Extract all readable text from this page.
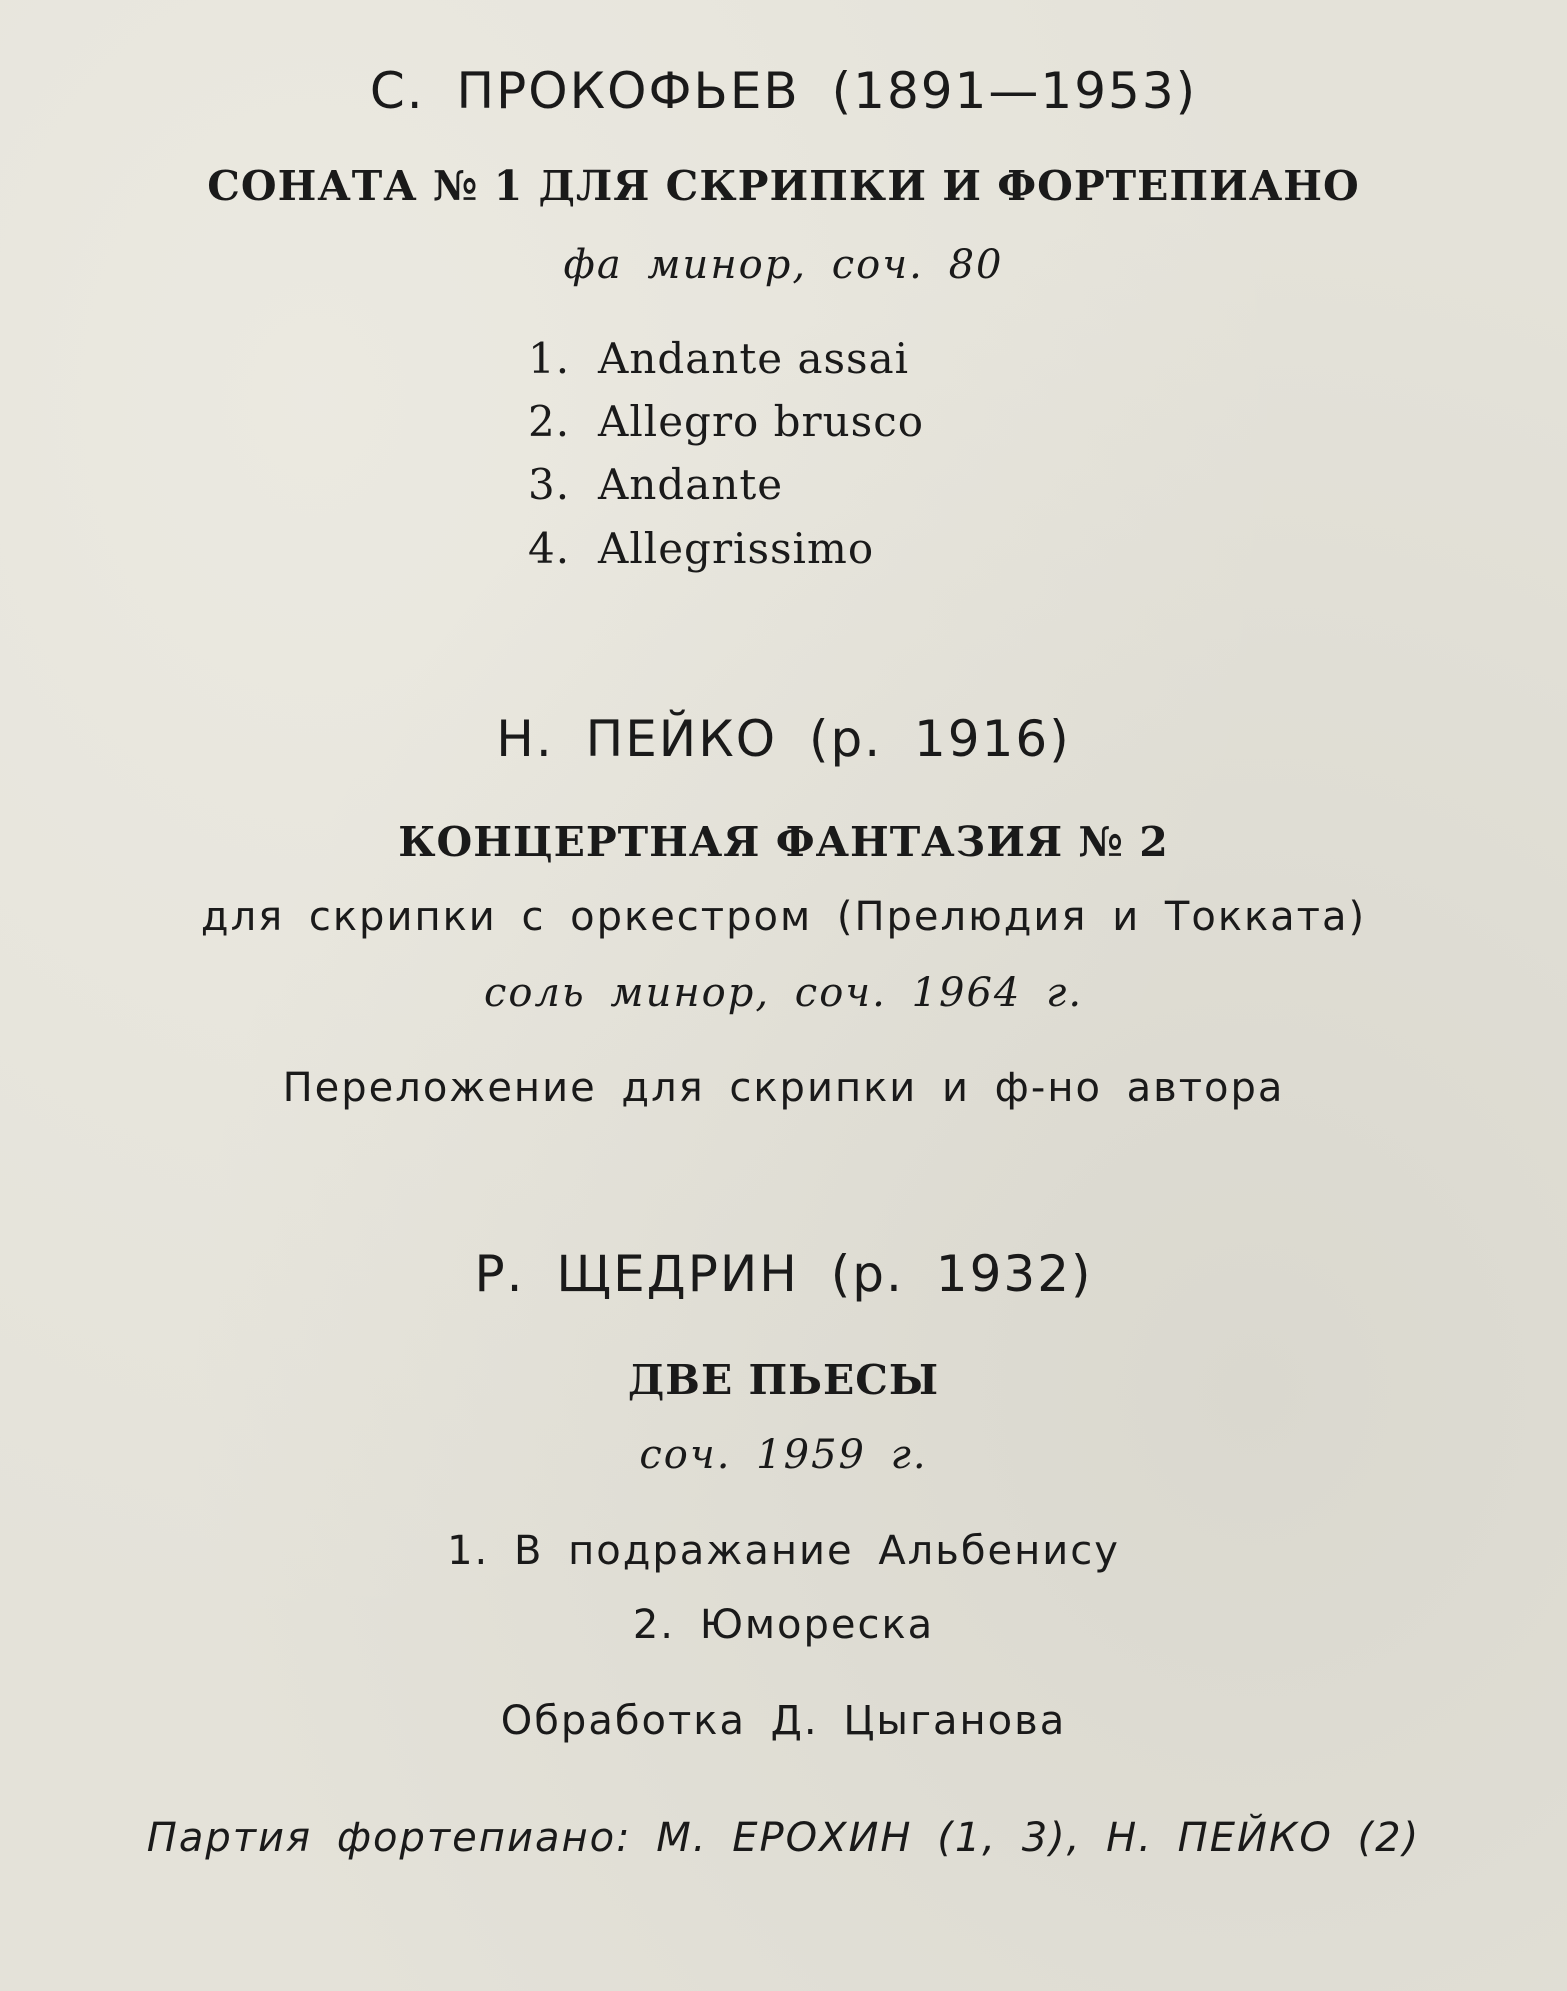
С. ПРОКОФЬЕВ (1891—1953)
СОНАТА № 1 ДЛЯ СКРИПКИ И ФОРТЕПИАНО
фа минор, соч. 80
1. Andante assai
2. Allegro brusco
3. Andante
4. Allegrissimo
Н. ПЕЙКО (р. 1916)
КОНЦЕРТНАЯ ФАНТАЗИЯ № 2
для скрипки с оркестром (Прелюдия и Токката)
соль минор, соч. 1964 г.
Переложение для скрипки и ф-но автора
Р. ЩЕДРИН (р. 1932)
ДВЕ ПЬЕСЫ
соч. 1959 г.
1. В подражание Альбенису
2. Юмореска
Обработка Д. Цыганова
Партия фортепиано: М. ЕРОХИН (1, 3), Н. ПЕЙКО (2)
